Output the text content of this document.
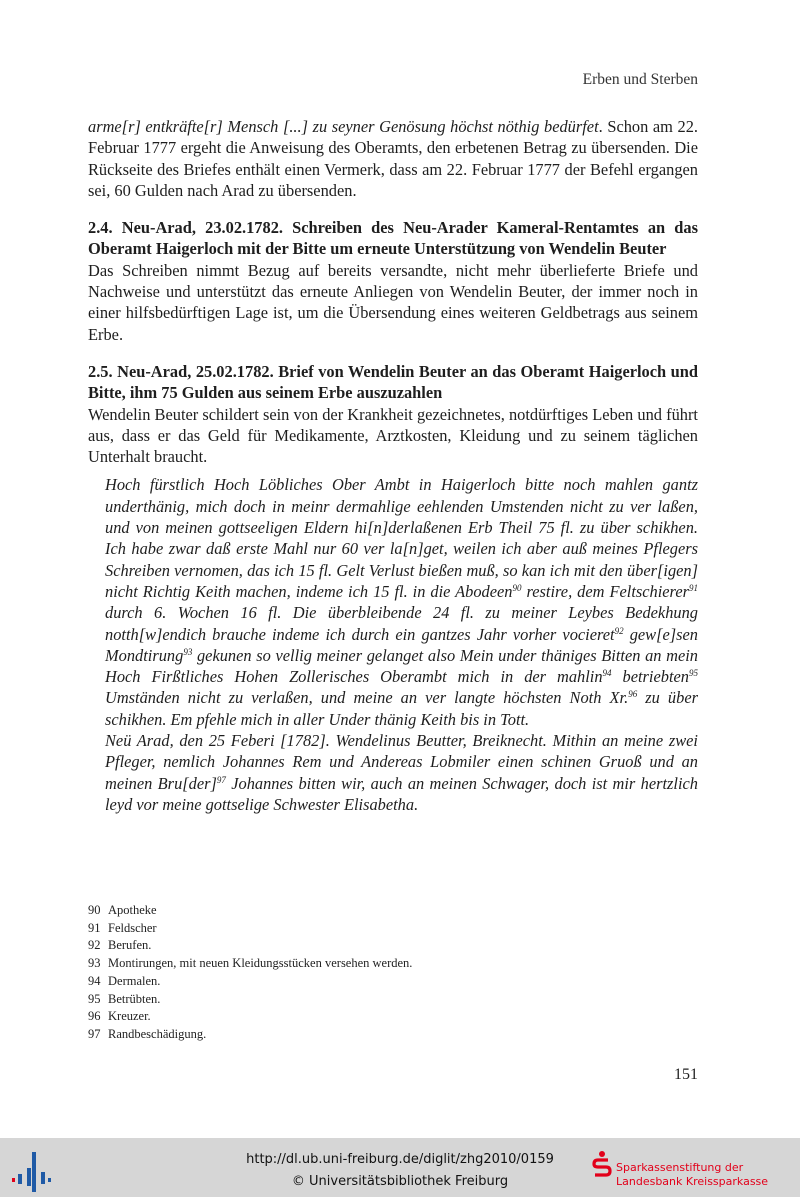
Erben und Sterben

arme[r] entkräfte[r] Mensch [...] zu seyner Genösung höchst nöthig bedürfet. Schon am 22. Februar 1777 ergeht die Anweisung des Oberamts, den erbetenen Betrag zu übersenden. Die Rückseite des Briefes enthält einen Vermerk, dass am 22. Februar 1777 der Befehl ergangen sei, 60 Gulden nach Arad zu übersenden.

2.4. Neu-Arad, 23.02.1782. Schreiben des Neu-Arader Kameral-Rentamtes an das Oberamt Haigerloch mit der Bitte um erneute Unterstützung von Wendelin Beuter

Das Schreiben nimmt Bezug auf bereits versandte, nicht mehr überlieferte Briefe und Nachweise und unterstützt das erneute Anliegen von Wendelin Beuter, der immer noch in einer hilfsbedürftigen Lage ist, um die Übersendung eines weiteren Geldbetrags aus seinem Erbe.

2.5. Neu-Arad, 25.02.1782. Brief von Wendelin Beuter an das Oberamt Haigerloch und Bitte, ihm 75 Gulden aus seinem Erbe auszuzahlen

Wendelin Beuter schildert sein von der Krankheit gezeichnetes, notdürftiges Leben und führt aus, dass er das Geld für Medikamente, Arztkosten, Kleidung und zu seinem täglichen Unterhalt braucht.

Hoch fürstlich Hoch Löbliches Ober Ambt in Haigerloch bitte noch mahlen gantz underthänig, mich doch in meinr dermahlige eehlenden Umstenden nicht zu ver laßen, und von meinen gottseeligen Eldern hi[n]derlaßenen Erb Theil 75 fl. zu über schikhen. Ich habe zwar daß erste Mahl nur 60 ver la[n]get, weilen ich aber auß meines Pflegers Schreiben vernomen, das ich 15 fl. Gelt Verlust bießen muß, so kan ich mit den über[igen] nicht Richtig Keith machen, indeme ich 15 fl. in die Abodeen$^{90}$ restire, dem Feltschierer$^{91}$ durch 6. Wochen 16 fl. Die überbleibende 24 fl. zu meiner Leybes Bedekhung notth[w]endich brauche indeme ich durch ein gantzes Jahr vorher vocieret$^{92}$ gew[e]sen Mondtirung$^{93}$ gekunen so vellig meiner gelanget also Mein under thäniges Bitten an mein Hoch Firßtliches Hohen Zollerisches Oberambt mich in der mahlin$^{94}$ betriebten$^{95}$ Umständen nicht zu verlaßen, und meine an ver langte höchsten Noth Xr.$^{96}$ zu über schikhen. Em pfehle mich in aller Under thänig Keith bis in Tott.

Neü Arad, den 25 Feberi [1782]. Wendelinus Beutter, Breiknecht. Mithin an meine zwei Pfleger, nemlich Johannes Rem und Andereas Lobmiler einen schinen Gruoß und an meinen Bru[der]$^{97}$ Johannes bitten wir, auch an meinen Schwager, doch ist mir hertzlich leyd vor meine gottselige Schwester Elisabetha.

90 Apotheke
91 Feldscher
92 Berufen.
93 Montirungen, mit neuen Kleidungsstücken versehen werden.
94 Dermalen.
95 Betrübten.
96 Kreuzer.
97 Randbeschädigung.
151
http://dl.ub.uni-freiburg.de/diglit/zhg2010/0159
© Universitätsbibliothek Freiburg
Sparkassenstiftung der
Landesbank Kreissparkasse
